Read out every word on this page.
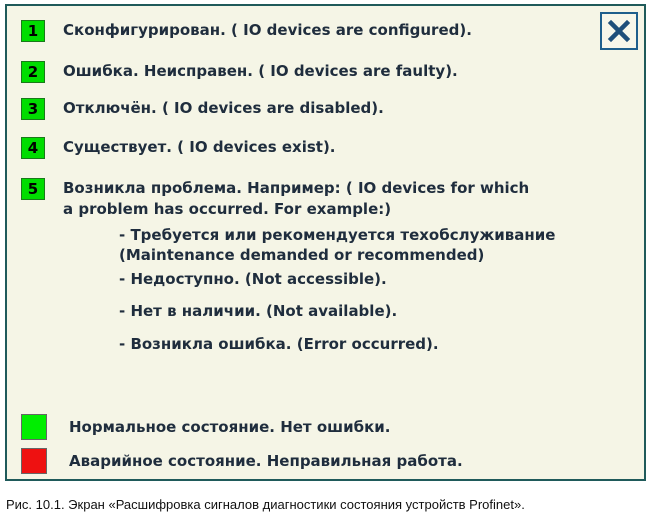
1	Сконфигурирован. ( IO devices are configured).
2	Ошибка. Неисправен. ( IO devices are faulty).
3	Отключён. ( IO devices are disabled).
4	Существует. ( IO devices exist).
5	Возникла проблема. Например: ( IO devices for which
a problem has occurred. For example:)
- Требуется или рекомендуется техобслуживание
(Maintenance demanded or recommended)
- Недоступно. (Not accessible).
- Нет в наличии. (Not available).
- Возникла ошибка. (Error occurred).
Нормальное состояние. Нет ошибки.
Аварийное состояние. Неправильная работа.
Рис. 10.1. Экран «Расшифровка сигналов диагностики состояния устройств Profinet».
